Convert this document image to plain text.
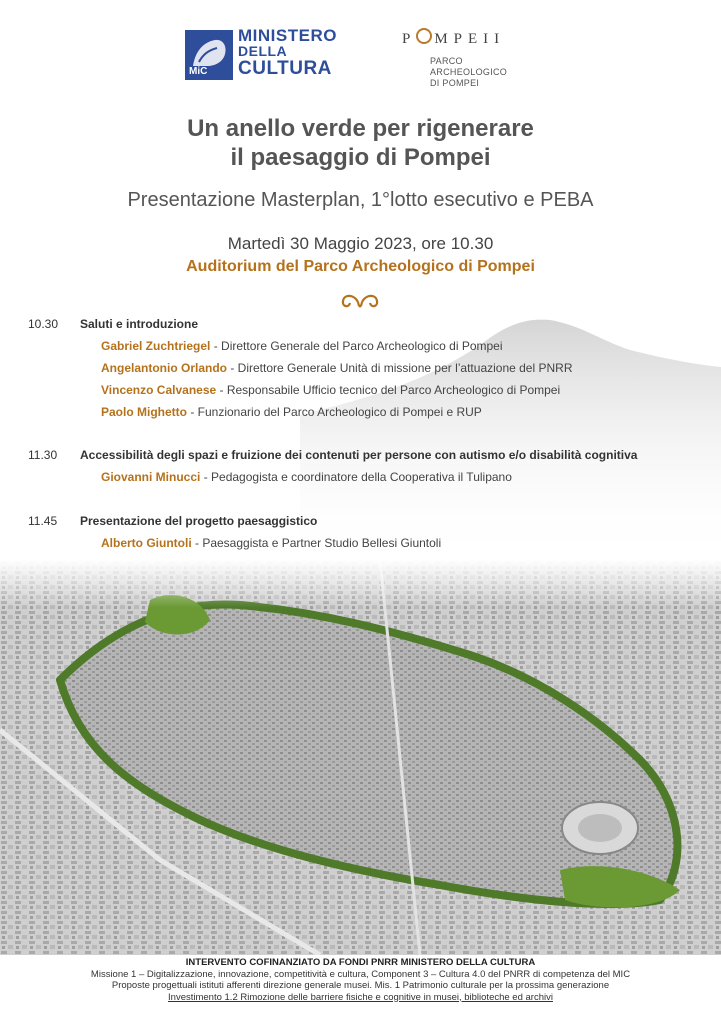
MiC
MINISTERO
DELLA
CULTURA
P MPEII
PARCO
ARCHEOLOGICO
DI POMPEI
Un anello verde per rigenerare
il paesaggio di Pompei
Presentazione Masterplan, 1°lotto esecutivo e PEBA
Martedì 30 Maggio 2023, ore 10.30
Auditorium del Parco Archeologico di Pompei
10.30 Saluti e introduzione
Gabriel Zuchtriegel - Direttore Generale del Parco Archeologico di Pompei
Angelantonio Orlando - Direttore Generale Unità di missione per l’attuazione del PNRR
Vincenzo Calvanese - Responsabile Ufficio tecnico del Parco Archeologico di Pompei
Paolo Mighetto - Funzionario del Parco Archeologico di Pompei e RUP
11.30 Accessibilità degli spazi e fruizione dei contenuti per persone con autismo e/o disabilità cognitiva
Giovanni Minucci - Pedagogista e coordinatore della Cooperativa il Tulipano
11.45 Presentazione del progetto paesaggistico
Alberto Giuntoli - Paesaggista e Partner Studio Bellesi Giuntoli
INTERVENTO COFINANZIATO DA FONDI PNRR MINISTERO DELLA CULTURA
Missione 1 – Digitalizzazione, innovazione, competitività e cultura, Component 3 – Cultura 4.0 del PNRR di competenza del MIC
Proposte progettuali istituti afferenti direzione generale musei. Mis. 1 Patrimonio culturale per la prossima generazione
Investimento 1.2 Rimozione delle barriere fisiche e cognitive in musei, biblioteche ed archivi
